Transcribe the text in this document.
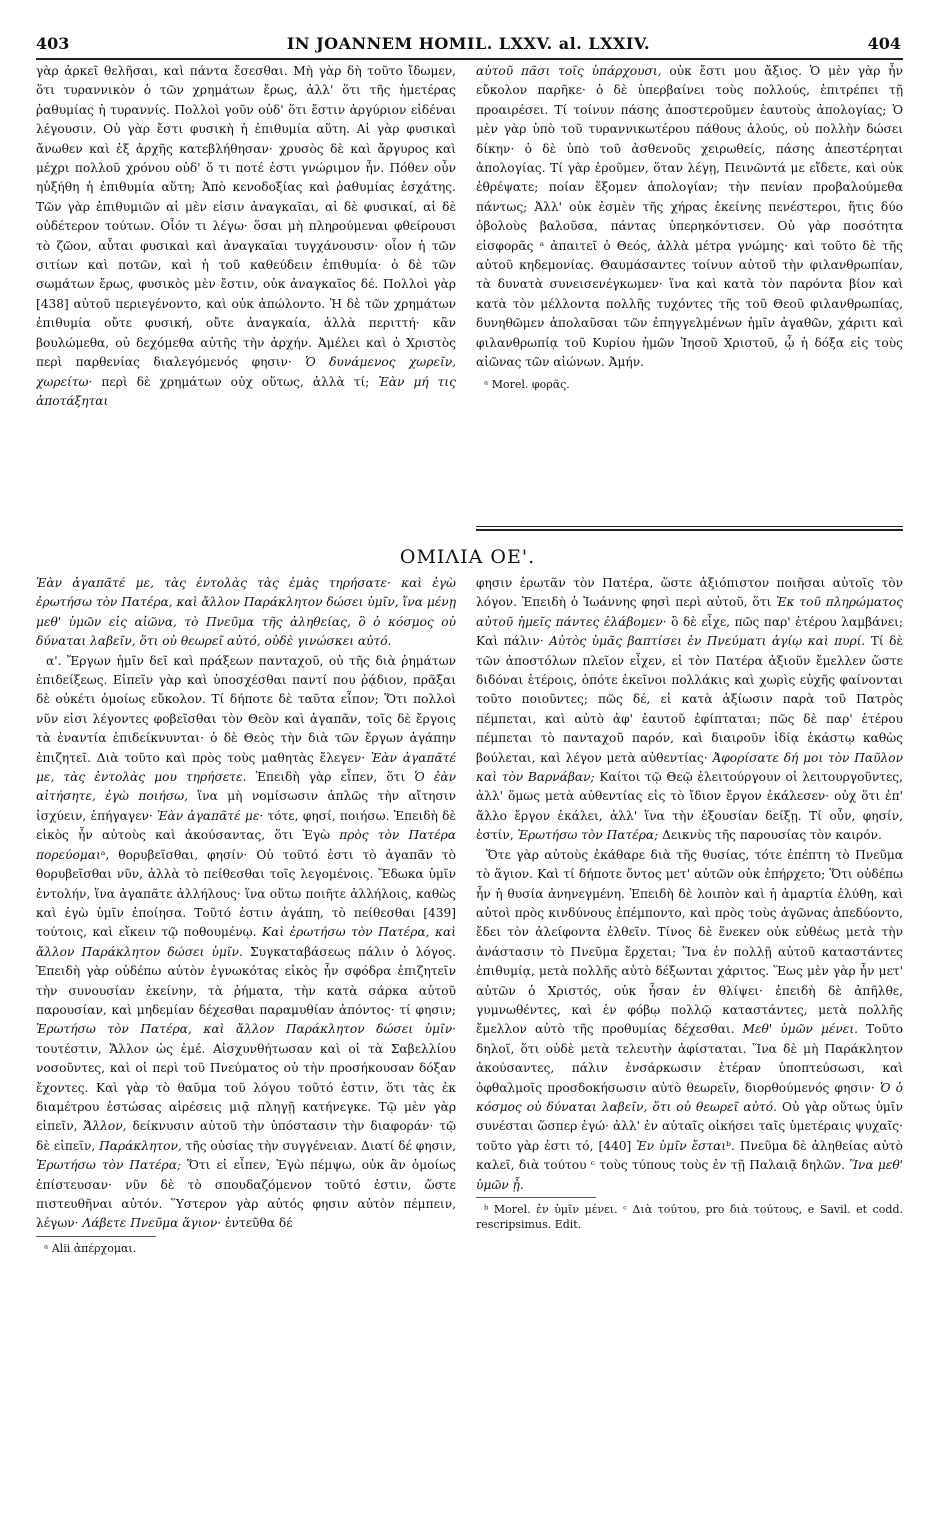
403	IN JOANNEM HOMIL. LXXV. al. LXXIV.	404

γὰρ ἀρκεῖ θελῆσαι, καὶ πάντα ἔσεσθαι. Μὴ γὰρ δὴ τοῦτο ἴδωμεν, ὅτι τυραννικὸν ὁ τῶν χρημάτων ἔρως, ἀλλ' ὅτι τῆς ἡμετέρας ῥαθυμίας ἡ τυραννίς. Πολλοὶ γοῦν οὐδ' ὅτι ἔστιν ἀργύριον εἰδέναι λέγουσιν. Οὐ γὰρ ἔστι φυσικὴ ἡ ἐπιθυμία αὕτη. Αἱ γὰρ φυσικαὶ ἄνωθεν καὶ ἐξ ἀρχῆς κατεβλήθησαν· χρυσὸς δὲ καὶ ἄργυρος καὶ μέχρι πολλοῦ χρόνου οὐδ' ὅ τι ποτέ ἐστι γνώριμον ἦν. Πόθεν οὖν ηὐξήθη ἡ ἐπιθυμία αὕτη; Ἀπὸ κενοδοξίας καὶ ῥαθυμίας ἐσχάτης. Τῶν γὰρ ἐπιθυμιῶν αἱ μὲν εἰσιν ἀναγκαῖαι, αἱ δὲ φυσικαί, αἱ δὲ οὐδέτερον τούτων. Οἷόν τι λέγω· ὅσαι μὴ πληρούμεναι φθείρουσι τὸ ζῶον, αὗται φυσικαὶ καὶ ἀναγκαῖαι τυγχάνουσιν· οἷον ἡ τῶν σιτίων καὶ ποτῶν, καὶ ἡ τοῦ καθεύδειν ἐπιθυμία· ὁ δὲ τῶν σωμάτων ἔρως, φυσικὸς μὲν ἔστιν, οὐκ ἀναγκαῖος δέ. Πολλοὶ γὰρ [438] αὐτοῦ περιεγένοντο, καὶ οὐκ ἀπώλοντο. Ἡ δὲ τῶν χρημάτων ἐπιθυμία οὔτε φυσική, οὔτε ἀναγκαία, ἀλλὰ περιττή· κἂν βουλώμεθα, οὐ δεχόμεθα αὐτῆς τὴν ἀρχήν. Ἀμέλει καὶ ὁ Χριστὸς περὶ παρθενίας διαλεγόμενός φησιν· Ὁ δυνάμενος χωρεῖν, χωρείτω· περὶ δὲ χρημάτων οὐχ οὕτως, ἀλλὰ τί; Ἐὰν μή τις ἀποτάξηται

αὐτοῦ πᾶσι τοῖς ὑπάρχουσι, οὐκ ἔστι μου ἄξιος. Ὁ μὲν γὰρ ἦν εὔκολον παρῆκε· ὁ δὲ ὑπερβαίνει τοὺς πολλούς, ἐπιτρέπει τῇ προαιρέσει. Τί τοίνυν πάσης ἀποστεροῦμεν ἑαυτοὺς ἀπολογίας; Ὁ μὲν γὰρ ὑπὸ τοῦ τυραννικωτέρου πάθους ἁλούς, οὐ πολλὴν δώσει δίκην· ὁ δὲ ὑπὸ τοῦ ἀσθενοῦς χειρωθείς, πάσης ἀπεστέρηται ἀπολογίας. Τί γὰρ ἐροῦμεν, ὅταν λέγῃ, Πεινῶντά με εἴδετε, καὶ οὐκ ἐθρέψατε; ποίαν ἕξομεν ἀπολογίαν; τὴν πενίαν προβαλούμεθα πάντως; Ἀλλ' οὐκ ἐσμὲν τῆς χήρας ἐκείνης πενέστεροι, ἥτις δύο ὀβολοὺς βαλοῦσα, πάντας ὑπερηκόντισεν. Οὐ γὰρ ποσότητα εἰσφορᾶς ᵃ ἀπαιτεῖ ὁ Θεός, ἀλλὰ μέτρα γνώμης· καὶ τοῦτο δὲ τῆς αὐτοῦ κηδεμονίας. Θαυμάσαντες τοίνυν αὐτοῦ τὴν φιλανθρωπίαν, τὰ δυνατὰ συνεισενέγκωμεν· ἵνα καὶ κατὰ τὸν παρόντα βίον καὶ κατὰ τὸν μέλλοντα πολλῆς τυχόντες τῆς τοῦ Θεοῦ φιλανθρωπίας, δυνηθῶμεν ἀπολαῦσαι τῶν ἐπηγγελμένων ἡμῖν ἀγαθῶν, χάριτι καὶ φιλανθρωπίᾳ τοῦ Κυρίου ἡμῶν Ἰησοῦ Χριστοῦ, ᾧ ἡ δόξα εἰς τοὺς αἰῶνας τῶν αἰώνων. Ἀμήν.

ᵃ Morel. φορᾶς.
ΟΜΙΛΙΑ ΟΕ'.

Ἐὰν ἀγαπᾶτέ με, τὰς ἐντολὰς τὰς ἐμὰς τηρήσατε· καὶ ἐγὼ ἐρωτήσω τὸν Πατέρα, καὶ ἄλλον Παράκλητον δώσει ὑμῖν, ἵνα μένῃ μεθ' ὑμῶν εἰς αἰῶνα, τὸ Πνεῦμα τῆς ἀληθείας, ὃ ὁ κόσμος οὐ δύναται λαβεῖν, ὅτι οὐ θεωρεῖ αὐτό, οὐδὲ γινώσκει αὐτό.

α'. Ἔργων ἡμῖν δεῖ καὶ πράξεων πανταχοῦ, οὐ τῆς διὰ ῥημάτων ἐπιδείξεως. Εἰπεῖν γὰρ καὶ ὑποσχέσθαι παντί που ῥᾴδιον, πρᾶξαι δὲ οὐκέτι ὁμοίως εὔκολον. Τί δήποτε δὲ ταῦτα εἶπον; Ὅτι πολλοὶ νῦν εἰσι λέγοντες φοβεῖσθαι τὸν Θεὸν καὶ ἀγαπᾶν, τοῖς δὲ ἔργοις τὰ ἐναντία ἐπιδείκνυνται· ὁ δὲ Θεὸς τὴν διὰ τῶν ἔργων ἀγάπην ἐπιζητεῖ. Διὰ τοῦτο καὶ πρὸς τοὺς μαθητὰς ἔλεγεν· Ἐὰν ἀγαπᾶτέ με, τὰς ἐντολὰς μου τηρήσετε. Ἐπειδὴ γὰρ εἶπεν, ὅτι Ὁ ἐὰν αἰτήσητε, ἐγὼ ποιήσω, ἵνα μὴ νομίσωσιν ἁπλῶς τὴν αἴτησιν ἰσχύειν, ἐπήγαγεν· Ἐὰν ἀγαπᾶτέ με· τότε, φησί, ποιήσω. Ἐπειδὴ δὲ εἰκὸς ἦν αὐτοὺς καὶ ἀκούσαντας, ὅτι Ἐγὼ πρὸς τὸν Πατέρα πορεύομαιᵃ, θορυβεῖσθαι, φησίν· Οὐ τοῦτό ἐστι τὸ ἀγαπᾶν τὸ θορυβεῖσθαι νῦν, ἀλλὰ τὸ πείθεσθαι τοῖς λεγομένοις. Ἔδωκα ὑμῖν ἐντολήν, ἵνα ἀγαπᾶτε ἀλλήλους· ἵνα οὕτω ποιῆτε ἀλλήλοις, καθὼς καὶ ἐγὼ ὑμῖν ἐποίησα. Τοῦτό ἐστιν ἀγάπη, τὸ πείθεσθαι [439] τούτοις, καὶ εἴκειν τῷ ποθουμένῳ. Καὶ ἐρωτήσω τὸν Πατέρα, καὶ ἄλλον Παράκλητον δώσει ὑμῖν. Συγκαταβάσεως πάλιν ὁ λόγος. Ἐπειδὴ γὰρ οὐδέπω αὐτὸν ἐγνωκότας εἰκὸς ἦν σφόδρα ἐπιζητεῖν τὴν συνουσίαν ἐκείνην, τὰ ῥήματα, τὴν κατὰ σάρκα αὐτοῦ παρουσίαν, καὶ μηδεμίαν δέχεσθαι παραμυθίαν ἀπόντος· τί φησιν; Ἐρωτήσω τὸν Πατέρα, καὶ ἄλλον Παράκλητον δώσει ὑμῖν· τουτέστιν, Ἄλλον ὡς ἐμέ. Αἰσχυνθήτωσαν καὶ οἱ τὰ Σαβελλίου νοσοῦντες, καὶ οἱ περὶ τοῦ Πνεύματος οὐ τὴν προσήκουσαν δόξαν ἔχοντες. Καὶ γὰρ τὸ θαῦμα τοῦ λόγου τοῦτό ἐστιν, ὅτι τὰς ἐκ διαμέτρου ἑστώσας αἱρέσεις μιᾷ πληγῇ κατήνεγκε. Τῷ μὲν γὰρ εἰπεῖν, Ἄλλον, δείκνυσιν αὐτοῦ τὴν ὑπόστασιν τὴν διαφοράν· τῷ δὲ εἰπεῖν, Παράκλητον, τῆς οὐσίας τὴν συγγένειαν. Διατί δέ φησιν, Ἐρωτήσω τὸν Πατέρα; Ὅτι εἰ εἶπεν, Ἐγὼ πέμψω, οὐκ ἂν ὁμοίως ἐπίστευσαν· νῦν δὲ τὸ σπουδαζόμενον τοῦτό ἐστιν, ὥστε πιστευθῆναι αὐτόν. Ὕστερον γὰρ αὐτός φησιν αὐτὸν πέμπειν, λέγων· Λάβετε Πνεῦμα ἅγιον· ἐντεῦθα δέ

ᵃ Alii ἀπέρχομαι.

φησιν ἐρωτᾶν τὸν Πατέρα, ὥστε ἀξιόπιστον ποιῆσαι αὐτοῖς τὸν λόγον. Ἐπειδὴ ὁ Ἰωάννης φησὶ περὶ αὐτοῦ, ὅτι Ἐκ τοῦ πληρώματος αὐτοῦ ἡμεῖς πάντες ἐλάβομεν· ὃ δὲ εἶχε, πῶς παρ' ἑτέρου λαμβάνει; Καὶ πάλιν· Αὐτὸς ὑμᾶς βαπτίσει ἐν Πνεύματι ἁγίῳ καὶ πυρί. Τί δὲ τῶν ἀποστόλων πλεῖον εἶχεν, εἰ τὸν Πατέρα ἀξιοῦν ἔμελλεν ὥστε διδόναι ἑτέροις, ὁπότε ἐκεῖνοι πολλάκις καὶ χωρὶς εὐχῆς φαίνονται τοῦτο ποιοῦντες; πῶς δέ, εἰ κατὰ ἀξίωσιν παρὰ τοῦ Πατρὸς πέμπεται, καὶ αὐτὸ ἀφ' ἑαυτοῦ ἐφίπταται; πῶς δὲ παρ' ἑτέρου πέμπεται τὸ πανταχοῦ παρόν, καὶ διαιροῦν ἰδίᾳ ἑκάστῳ καθὼς βούλεται, καὶ λέγον μετὰ αὐθεντίας· Ἀφορίσατε δή μοι τὸν Παῦλον καὶ τὸν Βαρνάβαν; Καίτοι τῷ Θεῷ ἐλειτούργουν οἱ λειτουργοῦντες, ἀλλ' ὅμως μετὰ αὐθεντίας εἰς τὸ ἴδιον ἔργον ἐκάλεσεν· οὐχ ὅτι ἐπ' ἄλλο ἔργον ἐκάλει, ἀλλ' ἵνα τὴν ἐξουσίαν δείξῃ. Τί οὖν, φησίν, ἐστίν, Ἐρωτήσω τὸν Πατέρα; Δεικνὺς τῆς παρουσίας τὸν καιρόν.

Ὅτε γὰρ αὐτοὺς ἐκάθαρε διὰ τῆς θυσίας, τότε ἐπέπτη τὸ Πνεῦμα τὸ ἅγιον. Καὶ τί δήποτε ὄντος μετ' αὐτῶν οὐκ ἐπήρχετο; Ὅτι οὐδέπω ἦν ἡ θυσία ἀνηνεγμένη. Ἐπειδὴ δὲ λοιπὸν καὶ ἡ ἁμαρτία ἐλύθη, καὶ αὐτοὶ πρὸς κινδύνους ἐπέμποντο, καὶ πρὸς τοὺς ἀγῶνας ἀπεδύοντο, ἔδει τὸν ἀλείφοντα ἐλθεῖν. Τίνος δὲ ἕνεκεν οὐκ εὐθέως μετὰ τὴν ἀνάστασιν τὸ Πνεῦμα ἔρχεται; Ἵνα ἐν πολλῇ αὐτοῦ καταστάντες ἐπιθυμίᾳ, μετὰ πολλῆς αὐτὸ δέξωνται χάριτος. Ἕως μὲν γὰρ ἦν μετ' αὐτῶν ὁ Χριστός, οὐκ ἦσαν ἐν θλίψει· ἐπειδὴ δὲ ἀπῆλθε, γυμνωθέντες, καὶ ἐν φόβῳ πολλῷ καταστάντες, μετὰ πολλῆς ἔμελλον αὐτὸ τῆς προθυμίας δέχεσθαι. Μεθ' ὑμῶν μένει. Τοῦτο δηλοῖ, ὅτι οὐδὲ μετὰ τελευτὴν ἀφίσταται. Ἵνα δὲ μὴ Παράκλητον ἀκούσαντες, πάλιν ἐνσάρκωσιν ἑτέραν ὑποπτεύσωσι, καὶ ὀφθαλμοῖς προσδοκήσωσιν αὐτὸ θεωρεῖν, διορθούμενός φησιν· Ὁ ὁ κόσμος οὐ δύναται λαβεῖν, ὅτι οὐ θεωρεῖ αὐτό. Οὐ γὰρ οὕτως ὑμῖν συνέσται ὥσπερ ἐγώ· ἀλλ' ἐν αὐταῖς οἰκήσει ταῖς ὑμετέραις ψυχαῖς· τοῦτο γὰρ ἐστι τό, [440] Ἐν ὑμῖν ἔσταιᵇ. Πνεῦμα δὲ ἀληθείας αὐτὸ καλεῖ, διὰ τούτου ᶜ τοὺς τύπους τοὺς ἐν τῇ Παλαιᾷ δηλῶν. Ἵνα μεθ' ὑμῶν ᾖ.

ᵇ Morel. ἐν ὑμῖν μένει. ᶜ Διὰ τούτου, pro διὰ τούτους, e Savil. et codd. rescripsimus. Edit.
